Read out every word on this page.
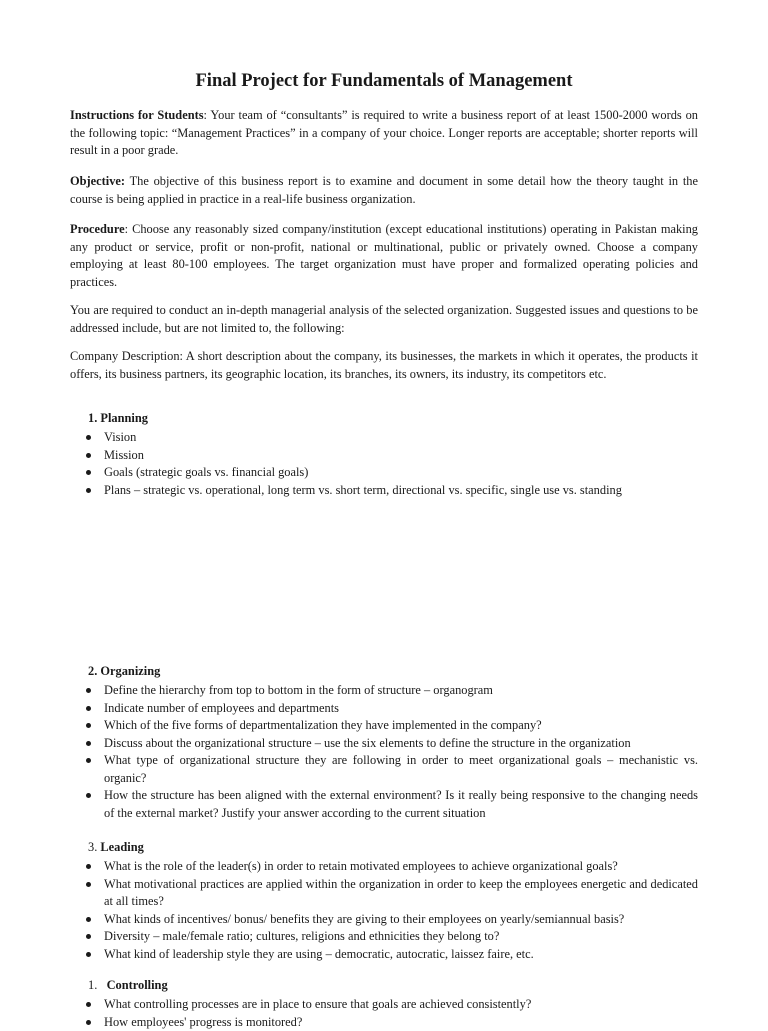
Final Project for Fundamentals of Management

Instructions for Students: Your team of “consultants” is required to write a business report of at least 1500-2000 words on the following topic: “Management Practices” in a company of your choice. Longer reports are acceptable; shorter reports will result in a poor grade.

Objective: The objective of this business report is to examine and document in some detail how the theory taught in the course is being applied in practice in a real-life business organization.

Procedure: Choose any reasonably sized company/institution (except educational institutions) operating in Pakistan making any product or service, profit or non-profit, national or multinational, public or privately owned. Choose a company employing at least 80-100 employees. The target organization must have proper and formalized operating policies and practices.

You are required to conduct an in-depth managerial analysis of the selected organization. Suggested issues and questions to be addressed include, but are not limited to, the following:

Company Description: A short description about the company, its businesses, the markets in which it operates, the products it offers, its business partners, its geographic location, its branches, its owners, its industry, its competitors etc.

1. Planning

Vision
Mission
Goals (strategic goals vs. financial goals)
Plans – strategic vs. operational, long term vs. short term, directional vs. specific, single use vs. standing

2. Organizing

Define the hierarchy from top to bottom in the form of structure – organogram
Indicate number of employees and departments
Which of the five forms of departmentalization they have implemented in the company?
Discuss about the organizational structure – use the six elements to define the structure in the organization
What type of organizational structure they are following in order to meet organizational goals – mechanistic vs. organic?
How the structure has been aligned with the external environment? Is it really being responsive to the changing needs of the external market? Justify your answer according to the current situation

3. Leading

What is the role of the leader(s) in order to retain motivated employees to achieve organizational goals?
What motivational practices are applied within the organization in order to keep the employees energetic and dedicated at all times?
What kinds of incentives/ bonus/ benefits they are giving to their employees on yearly/semiannual basis?
Diversity – male/female ratio; cultures, religions and ethnicities they belong to?
What kind of leadership style they are using – democratic, autocratic, laissez faire, etc.

1. Controlling

What controlling processes are in place to ensure that goals are achieved consistently?
How employees' progress is monitored?
